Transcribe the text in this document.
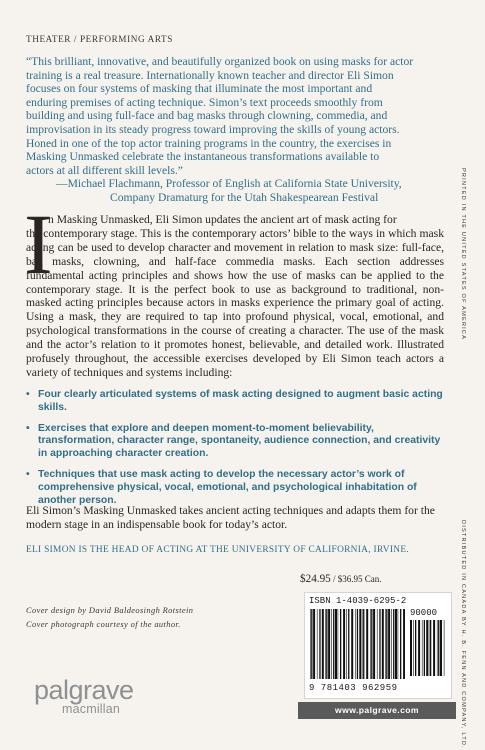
THEATER / PERFORMING ARTS
“This brilliant, innovative, and beautifully organized book on using masks for actor
training is a real treasure. Internationally known teacher and director Eli Simon
focuses on four systems of masking that illuminate the most important and
enduring premises of acting technique. Simon’s text proceeds smoothly from
building and using full-face and bag masks through clowning, commedia, and
improvisation in its steady progress toward improving the skills of young actors.
Honed in one of the top actor training programs in the country, the exercises in
Masking Unmasked celebrate the instantaneous transformations available to
actors at all different skill levels.”

—Michael Flachmann, Professor of English at California State University,
Company Dramaturg for the Utah Shakespearean Festival
I
n Masking Unmasked, Eli Simon updates the ancient art of mask acting for
the contemporary stage. This is the contemporary actors’ bible to the ways in which mask acting can be used to develop character and movement in relation to mask size: full-face, bag masks, clowning, and half-face commedia masks. Each section addresses fundamental acting principles and shows how the use of masks can be applied to the contemporary stage. It is the perfect book to use as background to traditional, non-masked acting principles because actors in masks experience the primary goal of acting. Using a mask, they are required to tap into profound physical, vocal, emotional, and psychological transformations in the course of creating a character. The use of the mask and the actor’s relation to it promotes honest, believable, and detailed work. Illustrated profusely throughout, the accessible exercises developed by Eli Simon teach actors a variety of techniques and systems including:
• Four clearly articulated systems of mask acting designed to augment basic acting skills.
• Exercises that explore and deepen moment-to-moment believability, transformation, character range, spontaneity, audience connection, and creativity in approaching character creation.
• Techniques that use mask acting to develop the necessary actor’s work of comprehensive physical, vocal, emotional, and psychological inhabitation of another person.
Eli Simon’s Masking Unmasked takes ancient acting techniques and adapts them for the modern stage in an indispensable book for today’s actor.
ELI SIMON IS THE HEAD OF ACTING AT THE UNIVERSITY OF CALIFORNIA, IRVINE.
$24.95 / $36.95 Can.
ISBN 1-4039-6295-2
90000
9 781403 962959
www.palgrave.com
Cover design by David Baldeosingh Rotstein
Cover photograph courtesy of the author.
palgrave
macmillan
PRINTED IN THE UNITED STATES OF AMERICA
DISTRIBUTED IN CANADA BY H. B. FENN AND COMPANY, LTD.
